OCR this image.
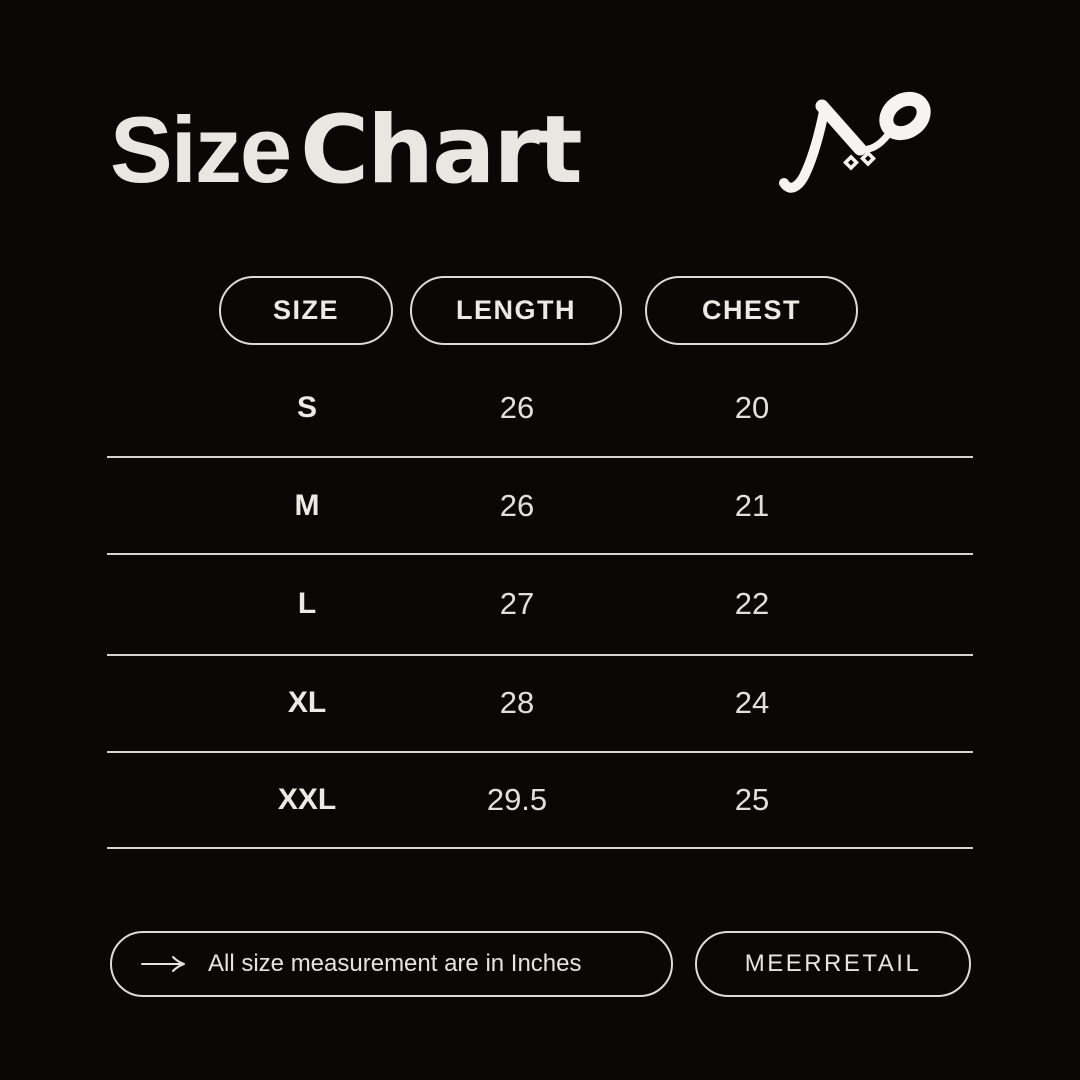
Size Chart
SIZE	LENGTH	CHEST
S	26	20
M	26	21
L	27	22
XL	28	24
XXL	29.5	25
All size measurement are in Inches	MEERRETAIL
